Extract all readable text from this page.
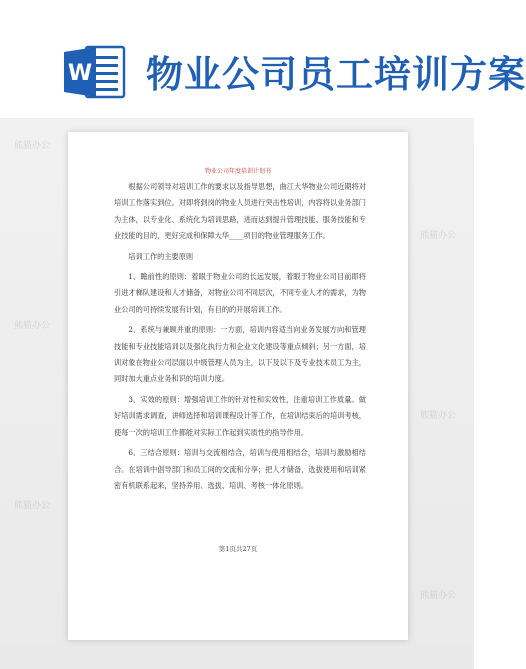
W 物业公司员工培训方案
熊猫办公
熊猫办公
熊猫办公
熊猫办公
熊猫办公
熊猫办公
物业公司年度培训计划书

根据公司领导对培训工作的要求以及指导思想，曲江大华物业公司近期将对培训工作落实到位。对即将到岗的物业人员进行突击性培训，内容将以业务部门为主体，以专业化、系统化为培训思路，进而达到提升管理技能、服务技能和专业技能的目的，更好完成和保障大华____项目的物业管理服务工作。

培训工作的主要原则

1、瞻前性的原则：着眼于物业公司的长远发展，着眼于物业公司目前即将引进才梯队建设和人才储备，对物业公司不同层次，不同专业人才的需求，为物业公司的可持续发展有计划，有目的的开展培训工作。

2、系统与兼顾并重的原则：一方面，培训内容适当向业务发展方向和管理技能和专业技能培训以及强化执行力和企业文化建设等重点倾斜；另一方面，培训对象在物业公司层面以中级管理人员为主，以下及以下及专业技术员工为主，同时加大重点业务和识的培训力度。

3、实效的原则：增强培训工作的针对性和实效性，注重培训工作质量。做好培训需求调查，讲师选择和培训课程设计等工作，在培训结束后的培训考核，使每一次的培训工作都能对实际工作起到实质性的指导作用。

6、三结合原则：培训与交流相结合，培训与使用相结合，培训与激励相结合。在培训中倡导部门和员工间的交流和分享；把人才储备，选拔使用和培训紧密有机联系起来，坚持养用、选拔、培训、考核一体化原则。

第1页共27页
